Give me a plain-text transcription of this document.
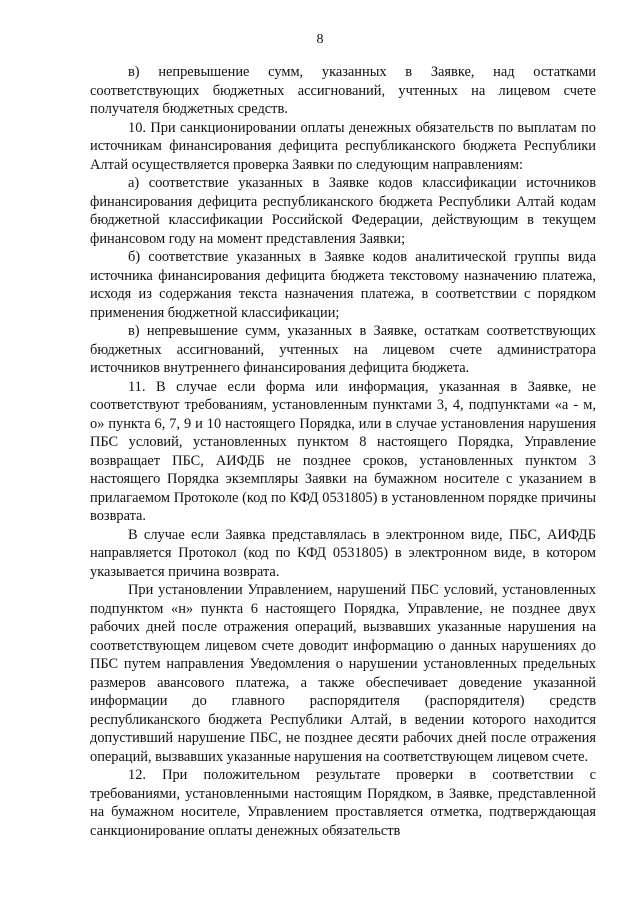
8

в) непревышение сумм, указанных в Заявке, над остатками соответствующих бюджетных ассигнований, учтенных на лицевом счете получателя бюджетных средств.

10. При санкционировании оплаты денежных обязательств по выплатам по источникам финансирования дефицита республиканского бюджета Республики Алтай осуществляется проверка Заявки по следующим направлениям:

а) соответствие указанных в Заявке кодов классификации источников финансирования дефицита республиканского бюджета Республики Алтай кодам бюджетной классификации Российской Федерации, действующим в текущем финансовом году на момент представления Заявки;

б) соответствие указанных в Заявке кодов аналитической группы вида источника финансирования дефицита бюджета текстовому назначению платежа, исходя из содержания текста назначения платежа, в соответствии с порядком применения бюджетной классификации;

в) непревышение сумм, указанных в Заявке, остаткам соответствующих бюджетных ассигнований, учтенных на лицевом счете администратора источников внутреннего финансирования дефицита бюджета.

11. В случае если форма или информация, указанная в Заявке, не соответствуют требованиям, установленным пунктами 3, 4, подпунктами «а - м, о» пункта 6, 7, 9 и 10 настоящего Порядка, или в случае установления нарушения ПБС условий, установленных пунктом 8 настоящего Порядка, Управление возвращает ПБС, АИФДБ не позднее сроков, установленных пунктом 3 настоящего Порядка экземпляры Заявки на бумажном носителе с указанием в прилагаемом Протоколе (код по КФД 0531805) в установленном порядке причины возврата.

В случае если Заявка представлялась в электронном виде, ПБС, АИФДБ направляется Протокол (код по КФД 0531805) в электронном виде, в котором указывается причина возврата.

При установлении Управлением, нарушений ПБС условий, установленных подпунктом «н» пункта 6 настоящего Порядка, Управление, не позднее двух рабочих дней после отражения операций, вызвавших указанные нарушения на соответствующем лицевом счете доводит информацию о данных нарушениях до ПБС путем направления Уведомления о нарушении установленных предельных размеров авансового платежа, а также обеспечивает доведение указанной информации до главного распорядителя (распорядителя) средств республиканского бюджета Республики Алтай, в ведении которого находится допустивший нарушение ПБС, не позднее десяти рабочих дней после отражения операций, вызвавших указанные нарушения на соответствующем лицевом счете.

12. При положительном результате проверки в соответствии с требованиями, установленными настоящим Порядком, в Заявке, представленной на бумажном носителе, Управлением проставляется отметка, подтверждающая санкционирование оплаты денежных обязательств
